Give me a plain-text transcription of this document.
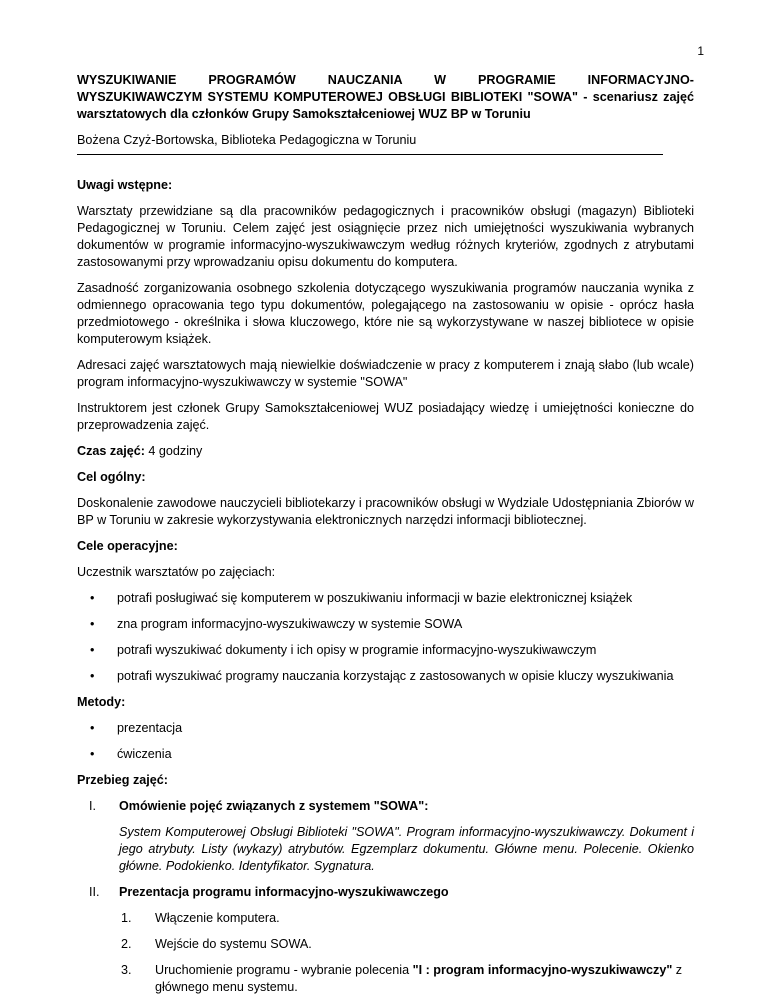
1
WYSZUKIWANIE PROGRAMÓW NAUCZANIA W PROGRAMIE INFORMACYJNO-
WYSZUKIWAWCZYM SYSTEMU KOMPUTEROWEJ OBSŁUGI BIBLIOTEKI "SOWA" - scenariusz zajęć
warsztatowych dla członków Grupy Samokształceniowej WUZ BP w Toruniu

Bożena Czyż-Bortowska, Biblioteka Pedagogiczna w Toruniu

Uwagi wstępne:

Warsztaty przewidziane są dla pracowników pedagogicznych i pracowników obsługi (magazyn) Biblioteki Pedagogicznej w Toruniu. Celem zajęć jest osiągnięcie przez nich umiejętności wyszukiwania wybranych dokumentów w programie informacyjno-wyszukiwawczym według różnych kryteriów, zgodnych z atrybutami zastosowanymi przy wprowadzaniu opisu dokumentu do komputera.

Zasadność zorganizowania osobnego szkolenia dotyczącego wyszukiwania programów nauczania wynika z odmiennego opracowania tego typu dokumentów, polegającego na zastosowaniu w opisie - oprócz hasła przedmiotowego - określnika i słowa kluczowego, które nie są wykorzystywane w naszej bibliotece w opisie komputerowym książek.

Adresaci zajęć warsztatowych mają niewielkie doświadczenie w pracy z komputerem i znają słabo (lub wcale) program informacyjno-wyszukiwawczy w systemie "SOWA"

Instruktorem jest członek Grupy Samokształceniowej WUZ posiadający wiedzę i umiejętności konieczne do przeprowadzenia zajęć.

Czas zajęć: 4 godziny

Cel ogólny:

Doskonalenie zawodowe nauczycieli bibliotekarzy i pracowników obsługi w Wydziale Udostępniania Zbiorów w BP w Toruniu w zakresie wykorzystywania elektronicznych narzędzi informacji bibliotecznej.

Cele operacyjne:

Uczestnik warsztatów po zajęciach:

• potrafi posługiwać się komputerem w poszukiwaniu informacji w bazie elektronicznej książek
• zna program informacyjno-wyszukiwawczy w systemie SOWA
• potrafi wyszukiwać dokumenty i ich opisy w programie informacyjno-wyszukiwawczym
• potrafi wyszukiwać programy nauczania korzystając z zastosowanych w opisie kluczy wyszukiwania

Metody:

• prezentacja
• ćwiczenia

Przebieg zajęć:

I. Omówienie pojęć związanych z systemem "SOWA":

System Komputerowej Obsługi Biblioteki "SOWA". Program informacyjno-wyszukiwawczy. Dokument i jego atrybuty. Listy (wykazy) atrybutów. Egzemplarz dokumentu. Główne menu. Polecenie. Okienko główne. Podokienko. Identyfikator. Sygnatura.

II. Prezentacja programu informacyjno-wyszukiwawczego
1. Włączenie komputera.
2. Wejście do systemu SOWA.
3. Uruchomienie programu - wybranie polecenia "I : program informacyjno-wyszukiwawczy" z głównego menu systemu.
